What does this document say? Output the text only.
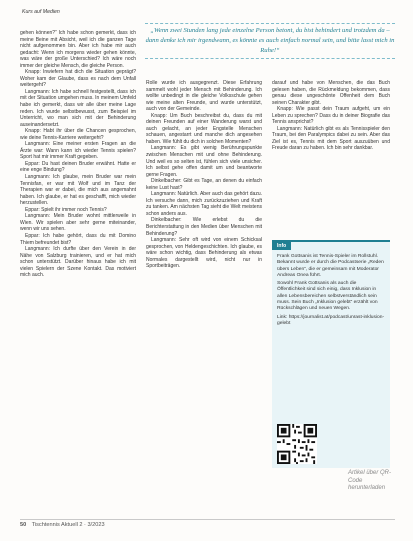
Kurs auf Medien
„Wenn zwei Stunden lang jede einzelne Person betont, du bist behindert und trotzdem da – dann denke ich mir irgendwann, es könnte es auch einfach normal sein, und bitte lasst mich in Ruhe!“

gehen können?“ Ich habe schon gemerkt, dass ich meine Beine mit Absicht, weil ich die ganzen Tage nicht aufgenommen bin. Aber ich habe mir auch gedacht: Wenn ich morgens wieder gehen könnte, was wäre der große Unterschied? Ich wäre noch immer der gleiche Mensch, die gleiche Person.

Knapp: Inwiefern hat dich die Situation geprägt? Woher kam der Glaube, dass es nach dem Unfall weitergeht?

Langmann: Ich habe schnell festgestellt, dass ich mit der Situation umgehen muss. In meinem Umfeld habe ich gemerkt, dass wir alle über meine Lage reden. Ich wurde selbstbewusst, zum Beispiel im Unterricht, wo man sich mit der Behinderung auseinandersetzt.

Knapp: Habt ihr über die Chancen gesprochen, wie deine Tennis-Karriere weitergeht?

Langmann: Eine meiner ersten Fragen an die Ärzte war: Wann kann ich wieder Tennis spielen? Sport hat mir immer Kraft gegeben.

Eppar: Du hast deinen Bruder erwähnt. Hatte er eine enge Bindung?

Langmann: Ich glaube, mein Bruder war mein Tennisfan, er war mit Wolf und im Tanz der Therapien war er dabei, die mich aus angemahnt haben. Ich glaube, er hat es geschafft, mich wieder herzustellen.

Eppar: Spielt ihr immer noch Tennis?

Langmann: Mein Bruder wohnt mittlerweile in Wien. Wir spielen aber sehr gerne miteinander, wenn wir uns sehen.

Eppar: Ich habe gehört, dass du mit Domino Thiem befreundet bist?

Langmann: Ich durfte über den Verein in der Nähe von Salzburg trainieren, und er hat mich schon unterstützt. Darüber hinaus habe ich mit vielen Spielern der Szene Kontakt. Das motiviert mich auch.

Rolle wurde ich ausgegrenzt. Diese Erfahrung sammelt wohl jeder Mensch mit Behinderung. Ich wollte unbedingt in die gleiche Volksschule gehen wie meine alten Freunde, und wurde unterstützt, auch von der Gemeinde.

Knapp: Um Buch beschreibst du, dass du mit deinen Freunden auf einer Wanderung warst und auch gelacht, an jeder Engstelle Menschen schauen, angestarrt und manche dich angesehen haben. Wie fühlt du dich in solchen Momenten?

Langmann: Es gibt wenig Berührungspunkte zwischen Menschen mit und ohne Behinderung. Und weil es so selten ist, fühlen sich viele unsicher. Ich selbst gehe offen damit um und beantworte gerne Fragen.

Dinkelbacher: Gibt es Tage, an denen du einfach keine Lust hast?

Langmann: Natürlich. Aber auch das gehört dazu. Ich versuche dann, mich zurückzuziehen und Kraft zu tanken. Am nächsten Tag sieht die Welt meistens schon anders aus.

Dinkelbacher: Wie erlebst du die Berichterstattung in den Medien über Menschen mit Behinderung?

Langmann: Sehr oft wird von einem Schicksal gesprochen, von Heldengeschichten. Ich glaube, es wäre schon wichtig, dass Behinderung als etwas Normales dargestellt wird, nicht nur in Sportbeiträgen.

darauf und habe von Menschen, die das Buch gelesen haben, die Rückmeldung bekommen, dass genau diese ungeschönte Offenheit dem Buch seinen Charakter gibt.

Knapp: Wie passt dein Traum aufgeht, um ein Leben zu sprechen? Dass du in deiner Biografie das Tennis ansprichst?

Langmann: Natürlich gibt es als Tennisspieler den Traum, bei den Paralympics dabei zu sein. Aber das Ziel ist es, Tennis mit dem Sport auszuüben und Freude daran zu haben. Ich bin sehr dankbar.

Info

Frank Gottsanis ist Tennis-Spieler im Rollstuhl. Bekannt wurde er durch die Podcastserie „Reden übers Leben“, die er gemeinsam mit Moderator Andreas Onea führt.

Sowohl Frank Gottsanis als auch die Öffentlichkeit sind sich einig, dass Inklusion in allen Lebensbereichen selbstverständlich sein muss. Sein Buch „Inklusion gelebt“ erzählt von Rückschlägen und neuen Wegen.

Link: https://journalist.at/podcast/unrast-inklusion-gelebt

Artikel über QR-Code herunterladen
50 Tischtennis Aktuell 2 · 3/2023
